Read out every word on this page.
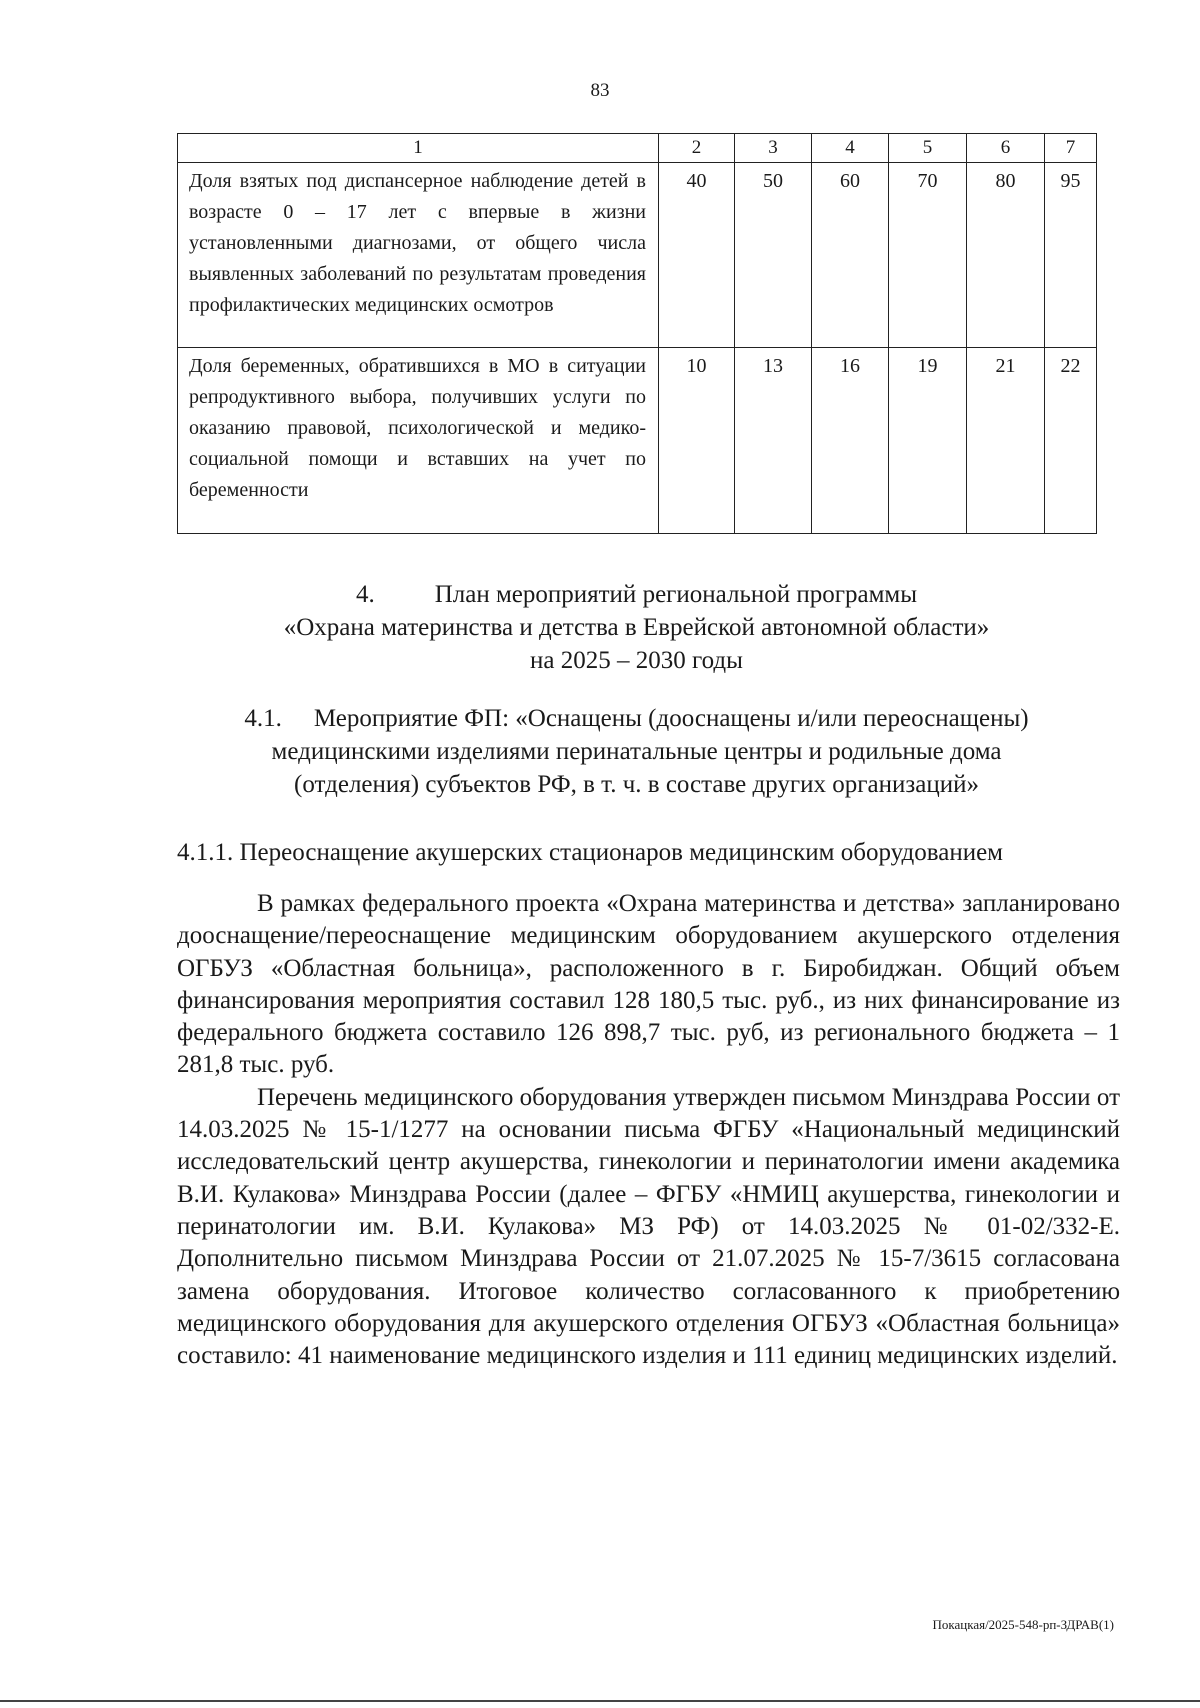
83
1	2	3	4	5	6	7
Доля взятых под диспансерное наблюдение детей в возрасте 0 – 17 лет с впервые в жизни установленными диагнозами, от общего числа выявленных заболеваний по результатам проведения профилактических медицинских осмотров	40	50	60	70	80	95
Доля беременных, обратившихся в МО в ситуации репродуктивного выбора, получивших услуги по оказанию правовой, психологической и медико-социальной помощи и вставших на учет по беременности	10	13	16	19	21	22
4. План мероприятий региональной программы
«Охрана материнства и детства в Еврейской автономной области»
на 2025 – 2030 годы
4.1. Мероприятие ФП: «Оснащены (дооснащены и/или переоснащены)
медицинскими изделиями перинатальные центры и родильные дома
(отделения) субъектов РФ, в т. ч. в составе других организаций»
4.1.1. Переоснащение акушерских стационаров медицинским оборудованием

В рамках федерального проекта «Охрана материнства и детства» запланировано дооснащение/переоснащение медицинским оборудованием акушерского отделения ОГБУЗ «Областная больница», расположенного в г. Биробиджан. Общий объем финансирования мероприятия составил 128 180,5 тыс. руб., из них финансирование из федерального бюджета составило 126 898,7 тыс. руб, из регионального бюджета – 1 281,8 тыс. руб.

Перечень медицинского оборудования утвержден письмом Минздрава России от 14.03.2025 № 15-1/1277 на основании письма ФГБУ «Национальный медицинский исследовательский центр акушерства, гинекологии и перинатологии имени академика В.И. Кулакова» Минздрава России (далее – ФГБУ «НМИЦ акушерства, гинекологии и перинатологии им. В.И. Кулакова» МЗ РФ) от 14.03.2025 № 01-02/332-Е. Дополнительно письмом Минздрава России от 21.07.2025 № 15-7/3615 согласована замена оборудования. Итоговое количество согласованного к приобретению медицинского оборудования для акушерского отделения ОГБУЗ «Областная больница» составило: 41 наименование медицинского изделия и 111 единиц медицинских изделий.

Покацкая/2025-548-рп-ЗДРАВ(1)
